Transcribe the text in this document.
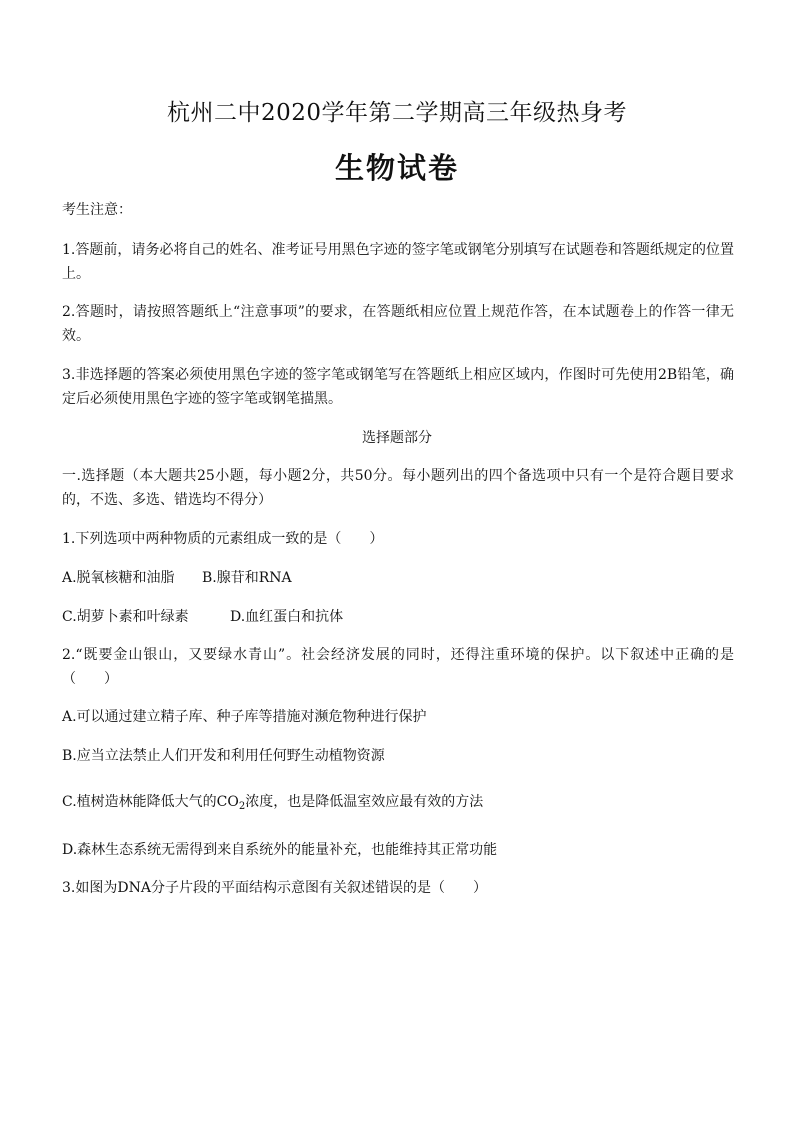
杭州二中2020学年第二学期高三年级热身考
生物试卷
考生注意：
1.答题前，请务必将自己的姓名、准考证号用黑色字迹的签字笔或钢笔分别填写在试题卷和答题纸规定的位置上。
2.答题时，请按照答题纸上“注意事项”的要求，在答题纸相应位置上规范作答，在本试题卷上的作答一律无效。
3.非选择题的答案必须使用黑色字迹的签字笔或钢笔写在答题纸上相应区域内，作图时可先使用2B铅笔，确定后必须使用黑色字迹的签字笔或钢笔描黑。
选择题部分
一.选择题（本大题共25小题，每小题2分，共50分。每小题列出的四个备选项中只有一个是符合题目要求的，不选、多选、错选均不得分）
1.下列选项中两种物质的元素组成一致的是（　　）
A.脱氧核糖和油脂 B.腺苷和RNA
C.胡萝卜素和叶绿素	D.血红蛋白和抗体
2.“既要金山银山，又要绿水青山”。社会经济发展的同时，还得注重环境的保护。以下叙述中正确的是（　　）
A.可以通过建立精子库、种子库等措施对濒危物种进行保护
B.应当立法禁止人们开发和利用任何野生动植物资源
C.植树造林能降低大气的$CO_2$浓度，也是降低温室效应最有效的方法
D.森林生态系统无需得到来自系统外的能量补充，也能维持其正常功能
3.如图为DNA分子片段的平面结构示意图有关叙述错误的是（　　）
